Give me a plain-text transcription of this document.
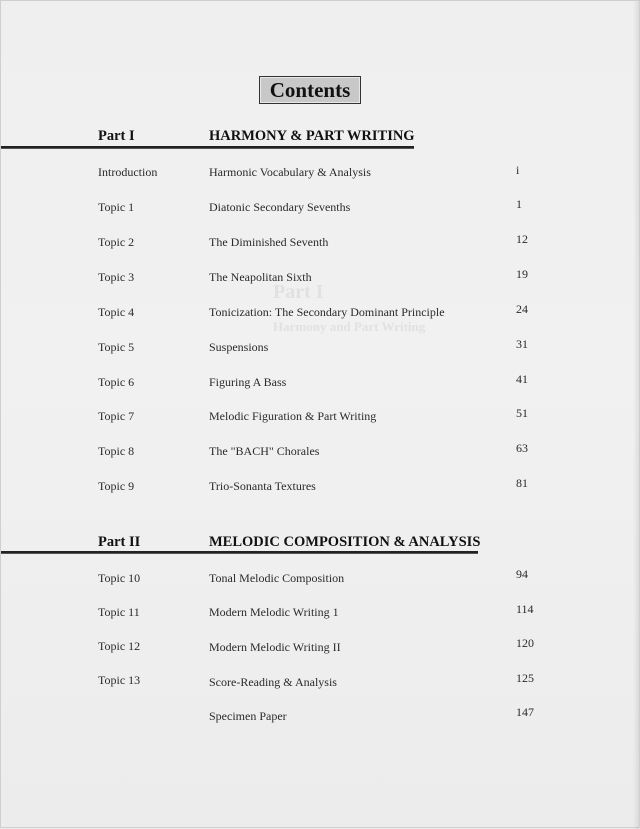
Part I
Harmony and Part Writing
Contents
Part I	HARMONY & PART WRITING
Introduction	Harmonic Vocabulary & Analysis	i
Topic 1	Diatonic Secondary Sevenths	1
Topic 2	The Diminished Seventh	12
Topic 3	The Neapolitan Sixth	19
Topic 4	Tonicization: The Secondary Dominant Principle	24
Topic 5	Suspensions	31
Topic 6	Figuring A Bass	41
Topic 7	Melodic Figuration & Part Writing	51
Topic 8	The "BACH" Chorales	63
Topic 9	Trio-Sonanta Textures	81
Part II	MELODIC COMPOSITION & ANALYSIS
Topic 10	Tonal Melodic Composition	94
Topic 11	Modern Melodic Writing 1	114
Topic 12	Modern Melodic Writing II	120
Topic 13	Score-Reading & Analysis	125
Specimen Paper	147
